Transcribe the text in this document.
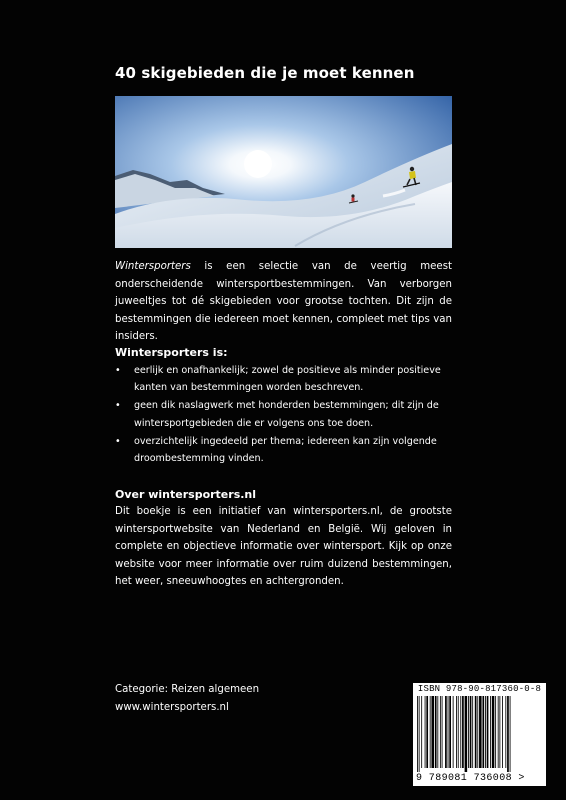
40 skigebieden die je moet kennen
Wintersporters is een selectie van de veertig meest onderscheidende wintersportbestemmingen. Van verborgen juweeltjes tot dé skigebieden voor grootse tochten. Dit zijn de bestemmingen die iedereen moet kennen, compleet met tips van insiders.
Wintersporters is:
• eerlijk en onafhankelijk; zowel de positieve als minder positieve kanten van bestemmingen worden beschreven.
• geen dik naslagwerk met honderden bestemmingen; dit zijn de wintersportgebieden die er volgens ons toe doen.
• overzichtelijk ingedeeld per thema; iedereen kan zijn volgende droombestemming vinden.
Over wintersporters.nl
Dit boekje is een initiatief van wintersporters.nl, de grootste wintersportwebsite van Nederland en België. Wij geloven in complete en objectieve informatie over wintersport. Kijk op onze website voor meer informatie over ruim duizend bestemmingen, het weer, sneeuwhoogtes en achtergronden.
Categorie: Reizen algemeen
www.wintersporters.nl
ISBN 978-90-817360-0-8
9 789081 736008 >
